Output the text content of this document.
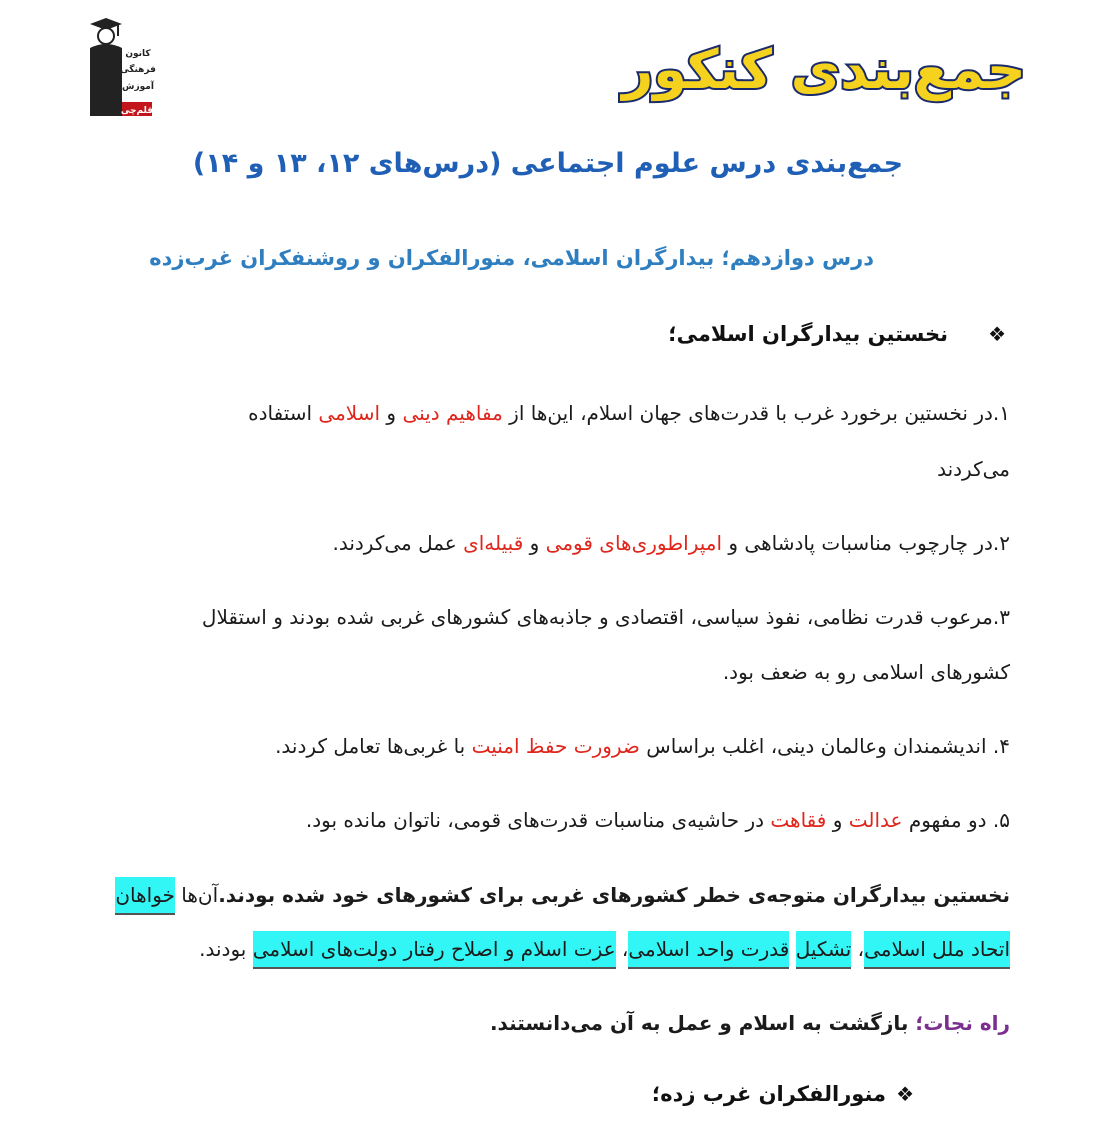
قلم‌چی
کانون
فرهنگی
آموزش	جمع‌بندی کنکور
جمع‌بندی درس علوم اجتماعی (درس‌های ۱۲، ۱۳ و ۱۴)
درس دوازدهم؛ بیدارگران اسلامی، منورالفکران و روشنفکران غرب‌زده
❖نخستین بیدارگران اسلامی؛
۱.در نخستین برخورد غرب با قدرت‌های جهان اسلام، این‌ها از مفاهیم دینی و اسلامی استفاده
می‌کردند
۲.در چارچوب مناسبات پادشاهی و امپراطوری‌های قومی و قبیله‌ای عمل می‌کردند.
۳.مرعوب قدرت نظامی، نفوذ سیاسی، اقتصادی و جاذبه‌های کشورهای غربی شده بودند و استقلال
کشورهای اسلامی رو به ضعف بود.
۴. اندیشمندان وعالمان دینی، اغلب براساس ضرورت حفظ امنیت با غربی‌ها تعامل کردند.
۵. دو مفهوم عدالت و فقاهت در حاشیه‌ی مناسبات قدرت‌های قومی، ناتوان مانده بود.
نخستین بیدارگران متوجه‌ی خطر کشورهای غربی برای کشورهای خود شده بودند.آن‌ها خواهان
اتحاد ملل اسلامی، تشکیل قدرت واحد اسلامی، عزت اسلام و اصلاح رفتار دولت‌های اسلامی بودند.
راه نجات؛ بازگشت به اسلام و عمل به آن می‌دانستند.
❖منورالفکران غرب زده؛
